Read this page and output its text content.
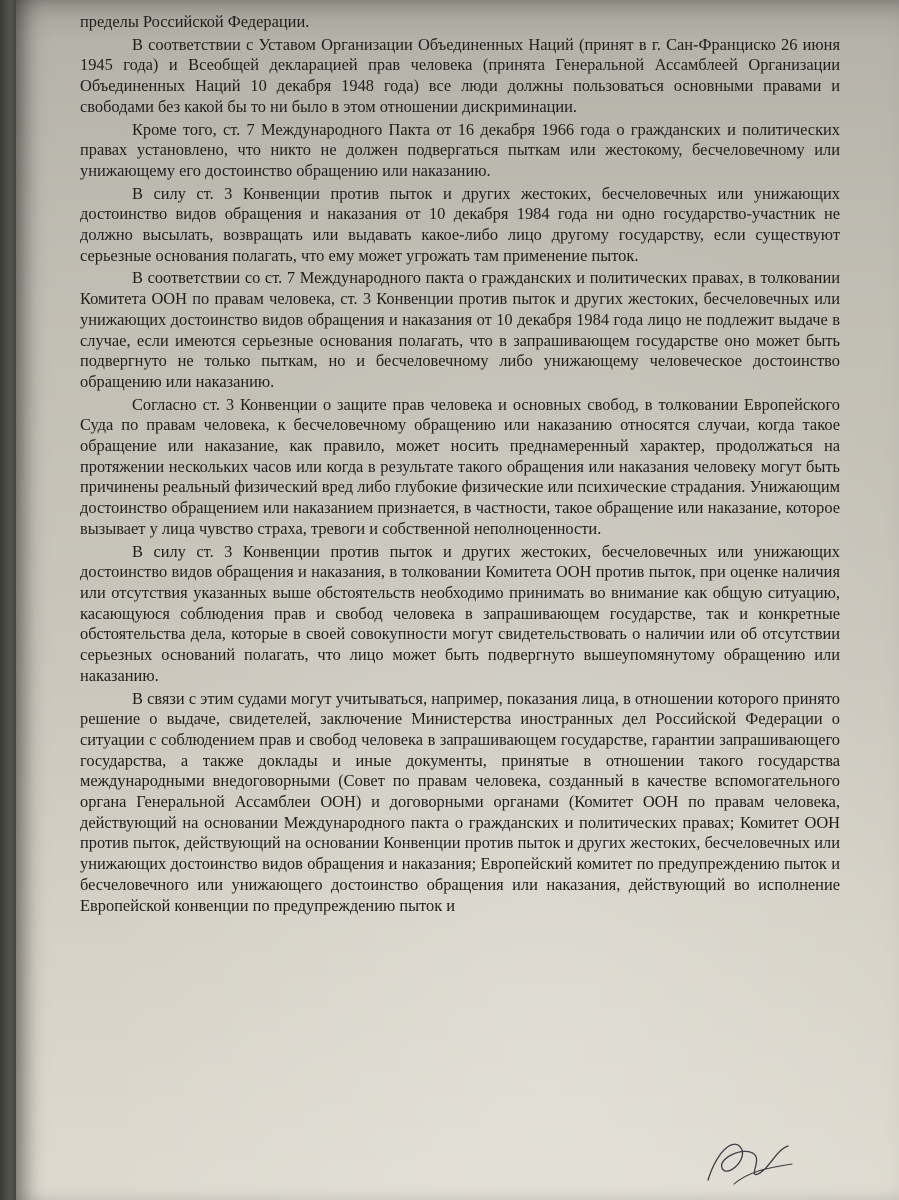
пределы Российской Федерации.

В соответствии с Уставом Организации Объединенных Наций (принят в г. Сан-Франциско 26 июня 1945 года) и Всеобщей декларацией прав человека (принята Генеральной Ассамблеей Организации Объединенных Наций 10 декабря 1948 года) все люди должны пользоваться основными правами и свободами без какой бы то ни было в этом отношении дискриминации.

Кроме того, ст. 7 Международного Пакта от 16 декабря 1966 года о гражданских и политических правах установлено, что никто не должен подвергаться пыткам или жестокому, бесчеловечному или унижающему его достоинство обращению или наказанию.

В силу ст. 3 Конвенции против пыток и других жестоких, бесчеловечных или унижающих достоинство видов обращения и наказания от 10 декабря 1984 года ни одно государство-участник не должно высылать, возвращать или выдавать какое-либо лицо другому государству, если существуют серьезные основания полагать, что ему может угрожать там применение пыток.

В соответствии со ст. 7 Международного пакта о гражданских и политических правах, в толковании Комитета ООН по правам человека, ст. 3 Конвенции против пыток и других жестоких, бесчеловечных или унижающих достоинство видов обращения и наказания от 10 декабря 1984 года лицо не подлежит выдаче в случае, если имеются серьезные основания полагать, что в запрашивающем государстве оно может быть подвергнуто не только пыткам, но и бесчеловечному либо унижающему человеческое достоинство обращению или наказанию.

Согласно ст. 3 Конвенции о защите прав человека и основных свобод, в толковании Европейского Суда по правам человека, к бесчеловечному обращению или наказанию относятся случаи, когда такое обращение или наказание, как правило, может носить преднамеренный характер, продолжаться на протяжении нескольких часов или когда в результате такого обращения или наказания человеку могут быть причинены реальный физический вред либо глубокие физические или психические страдания. Унижающим достоинство обращением или наказанием признается, в частности, такое обращение или наказание, которое вызывает у лица чувство страха, тревоги и собственной неполноценности.

В силу ст. 3 Конвенции против пыток и других жестоких, бесчеловечных или унижающих достоинство видов обращения и наказания, в толковании Комитета ООН против пыток, при оценке наличия или отсутствия указанных выше обстоятельств необходимо принимать во внимание как общую ситуацию, касающуюся соблюдения прав и свобод человека в запрашивающем государстве, так и конкретные обстоятельства дела, которые в своей совокупности могут свидетельствовать о наличии или об отсутствии серьезных оснований полагать, что лицо может быть подвергнуто вышеупомянутому обращению или наказанию.

В связи с этим судами могут учитываться, например, показания лица, в отношении которого принято решение о выдаче, свидетелей, заключение Министерства иностранных дел Российской Федерации о ситуации с соблюдением прав и свобод человека в запрашивающем государстве, гарантии запрашивающего государства, а также доклады и иные документы, принятые в отношении такого государства международными внедоговорными (Совет по правам человека, созданный в качестве вспомогательного органа Генеральной Ассамблеи ООН) и договорными органами (Комитет ООН по правам человека, действующий на основании Международного пакта о гражданских и политических правах; Комитет ООН против пыток, действующий на основании Конвенции против пыток и других жестоких, бесчеловечных или унижающих достоинство видов обращения и наказания; Европейский комитет по предупреждению пыток и бесчеловечного или унижающего достоинство обращения или наказания, действующий во исполнение Европейской конвенции по предупреждению пыток и
